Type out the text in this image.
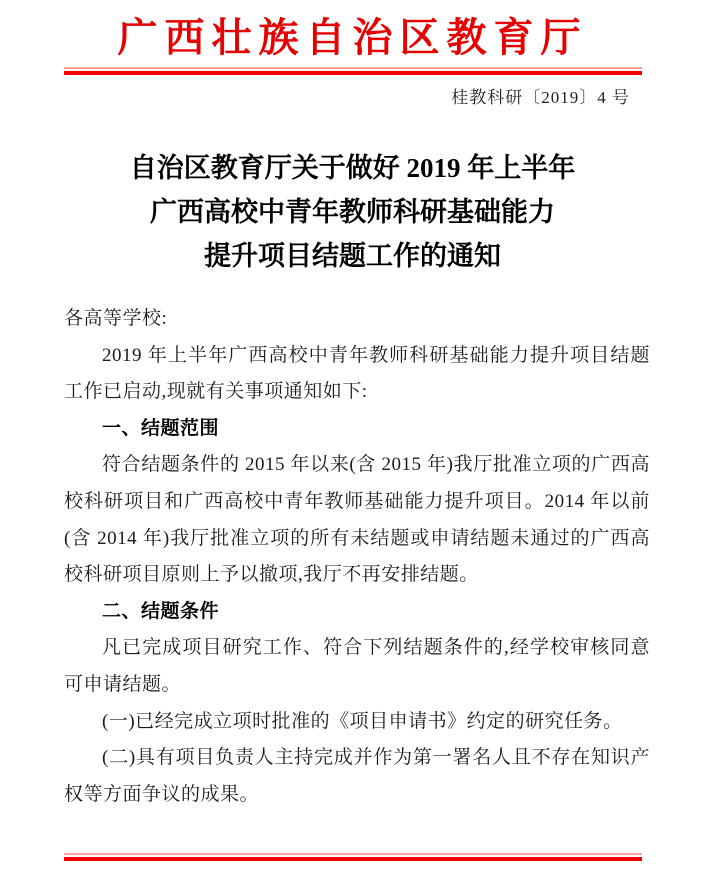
广西壮族自治区教育厅
桂教科研〔2019〕4 号
自治区教育厅关于做好 2019 年上半年
广西高校中青年教师科研基础能力
提升项目结题工作的通知

各高等学校:

2019 年上半年广西高校中青年教师科研基础能力提升项目结题工作已启动,现就有关事项通知如下:

一、结题范围

符合结题条件的 2015 年以来(含 2015 年)我厅批准立项的广西高校科研项目和广西高校中青年教师基础能力提升项目。2014 年以前(含 2014 年)我厅批准立项的所有未结题或申请结题未通过的广西高校科研项目原则上予以撤项,我厅不再安排结题。

二、结题条件

凡已完成项目研究工作、符合下列结题条件的,经学校审核同意可申请结题。

(一)已经完成立项时批准的《项目申请书》约定的研究任务。

(二)具有项目负责人主持完成并作为第一署名人且不存在知识产权等方面争议的成果。
